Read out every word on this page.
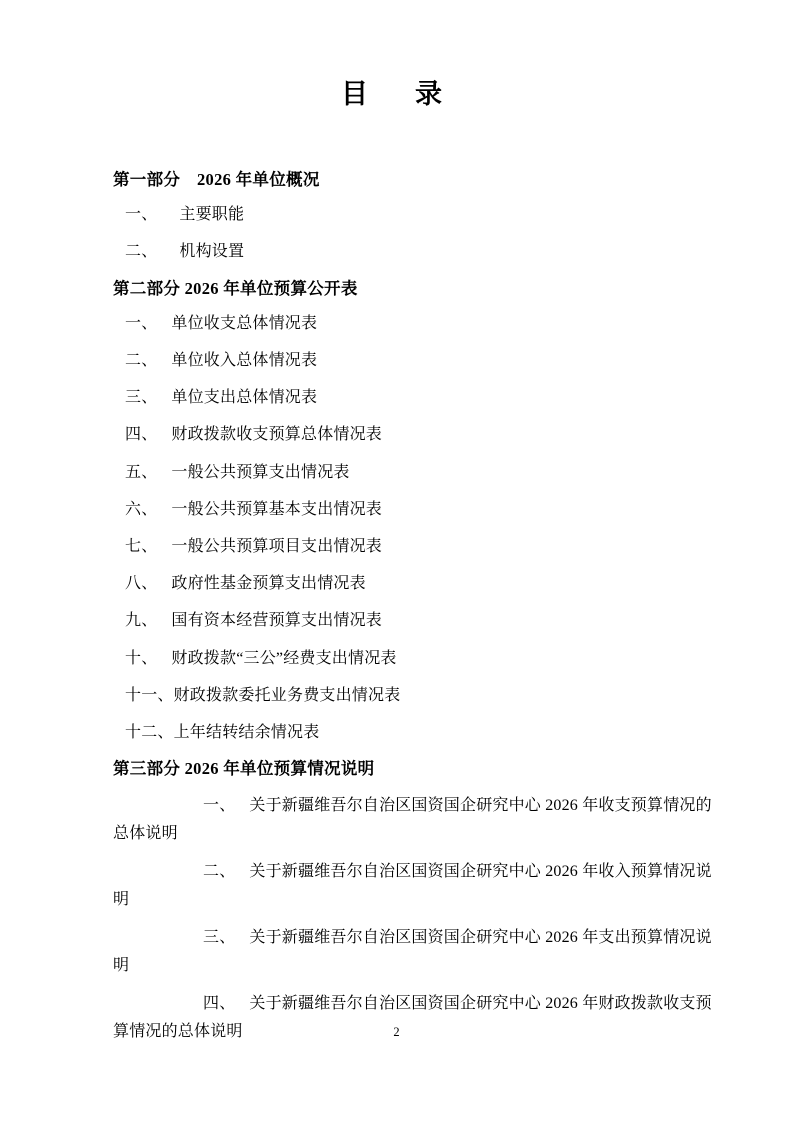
目　录
第一部分　2026 年单位概况
一、 主要职能
二、 机构设置
第二部分 2026 年单位预算公开表
一、 单位收支总体情况表
二、 单位收入总体情况表
三、 单位支出总体情况表
四、 财政拨款收支预算总体情况表
五、 一般公共预算支出情况表
六、 一般公共预算基本支出情况表
七、 一般公共预算项目支出情况表
八、 政府性基金预算支出情况表
九、 国有资本经营预算支出情况表
十、 财政拨款“三公”经费支出情况表
十一、财政拨款委托业务费支出情况表
十二、上年结转结余情况表
第三部分 2026 年单位预算情况说明
一、 关于新疆维吾尔自治区国资国企研究中心 2026 年收支预算情况的总体说明
二、 关于新疆维吾尔自治区国资国企研究中心 2026 年收入预算情况说明
三、 关于新疆维吾尔自治区国资国企研究中心 2026 年支出预算情况说明
四、 关于新疆维吾尔自治区国资国企研究中心 2026 年财政拨款收支预算情况的总体说明	2
